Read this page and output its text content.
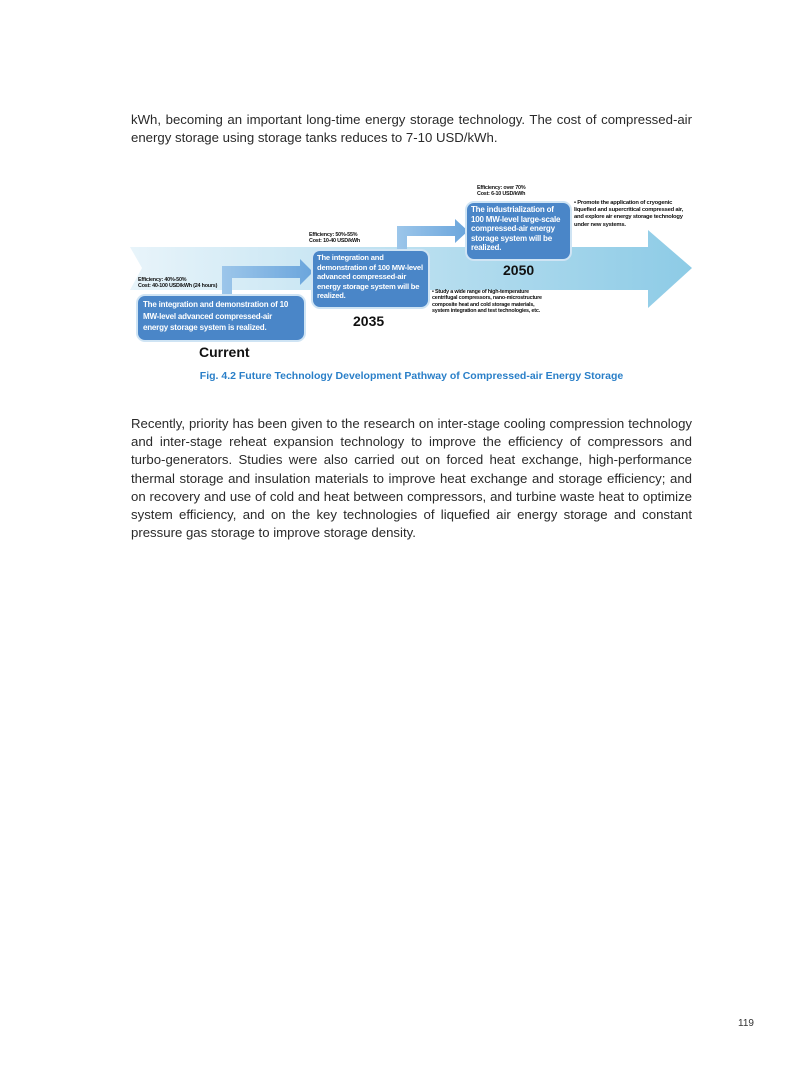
kWh, becoming an important long-time energy storage technology. The cost of compressed-air energy storage using storage tanks reduces to 7-10 USD/kWh.
Efficiency: 40%-50%
Cost: 40-100 USD/kWh (24 hours)
The integration and demonstration of 10 MW-level advanced compressed-air energy storage system is realized.
Current
Efficiency: 50%-55%
Cost: 10-40 USD/kWh
The integration and demonstration of 100 MW-level advanced compressed-air energy storage system will be realized.
2035
Efficiency: over 70%
Cost: 6-10 USD/kWh
The industrialization of 100 MW-level large-scale compressed-air energy storage system will be realized.
2050
• Study a wide range of high-temperature centrifugal compressors, nano-microstructure composite heat and cold storage materials, system integration and test technologies, etc.
• Promote the application of cryogenic liquefied and supercritical compressed air, and explore air energy storage technology under new systems.
Fig. 4.2 Future Technology Development Pathway of Compressed-air Energy Storage
Recently, priority has been given to the research on inter-stage cooling compression technology and inter-stage reheat expansion technology to improve the efficiency of compressors and turbo-generators. Studies were also carried out on forced heat exchange, high-performance thermal storage and insulation materials to improve heat exchange and storage efficiency; and on recovery and use of cold and heat between compressors, and turbine waste heat to optimize system efficiency, and on the key technologies of liquefied air energy storage and constant pressure gas storage to improve storage density.
119
